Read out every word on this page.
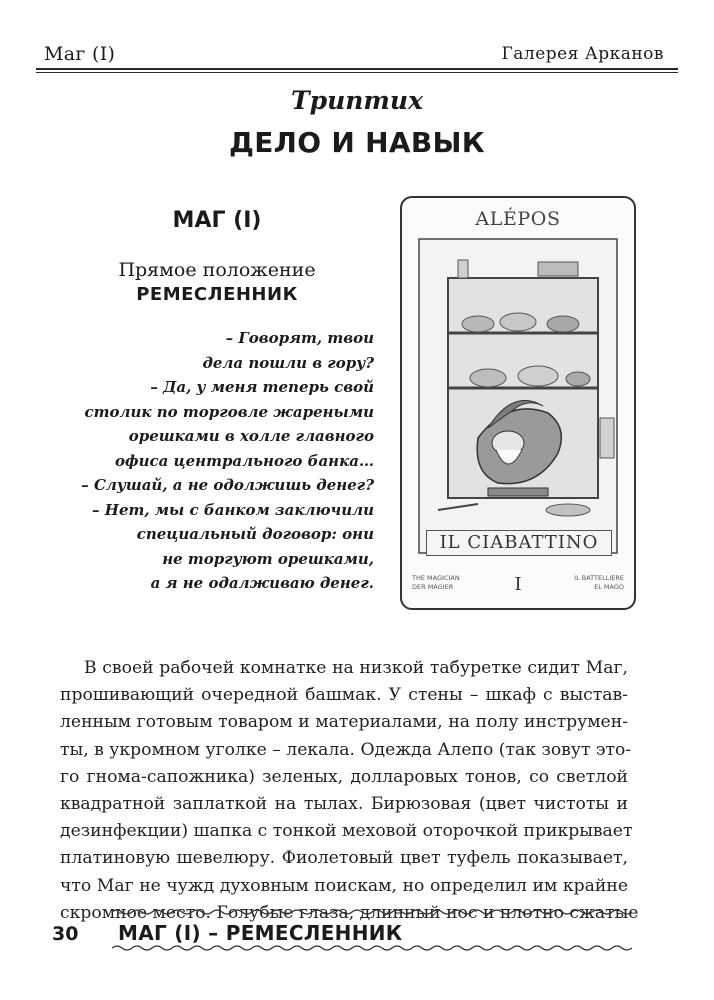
Маг (I)	Галерея Арканов
Триптих
ДЕЛО И НАВЫК
МАГ (I)
Прямое положение
РЕМЕСЛЕННИК
– Говорят, твои
дела пошли в гору?
– Да, у меня теперь свой
столик по торговле жареными
орешками в холле главного
офиса центрального банка…
– Слушай, а не одолжишь денег?
– Нет, мы с банком заключили
специальный договор: они
не торгуют орешками,
а я не одалживаю денег.
ALÉPOS
IL CIABATTINO
THE MAGICIAN
DER MAGIER	I	IL BATTELLIERE
EL MAGO
В своей рабочей комнатке на низкой табуретке сидит Маг,
прошивающий очередной башмак. У стены – шкаф с выстав-
ленным готовым товаром и материалами, на полу инструмен-
ты, в укромном уголке – лекала. Одежда Алепо (так зовут это-
го гнома-сапожника) зеленых, долларовых тонов, со светлой
квадратной заплаткой на тылах. Бирюзовая (цвет чистоты и
дезинфекции) шапка с тонкой меховой оторочкой прикрывает
платиновую шевелюру. Фиолетовый цвет туфель показывает,
что Маг не чужд духовным поискам, но определил им крайне
скромное место. Голубые глаза, длинный нос и плотно сжатые
30 МАГ (I) – РЕМЕСЛЕННИК
